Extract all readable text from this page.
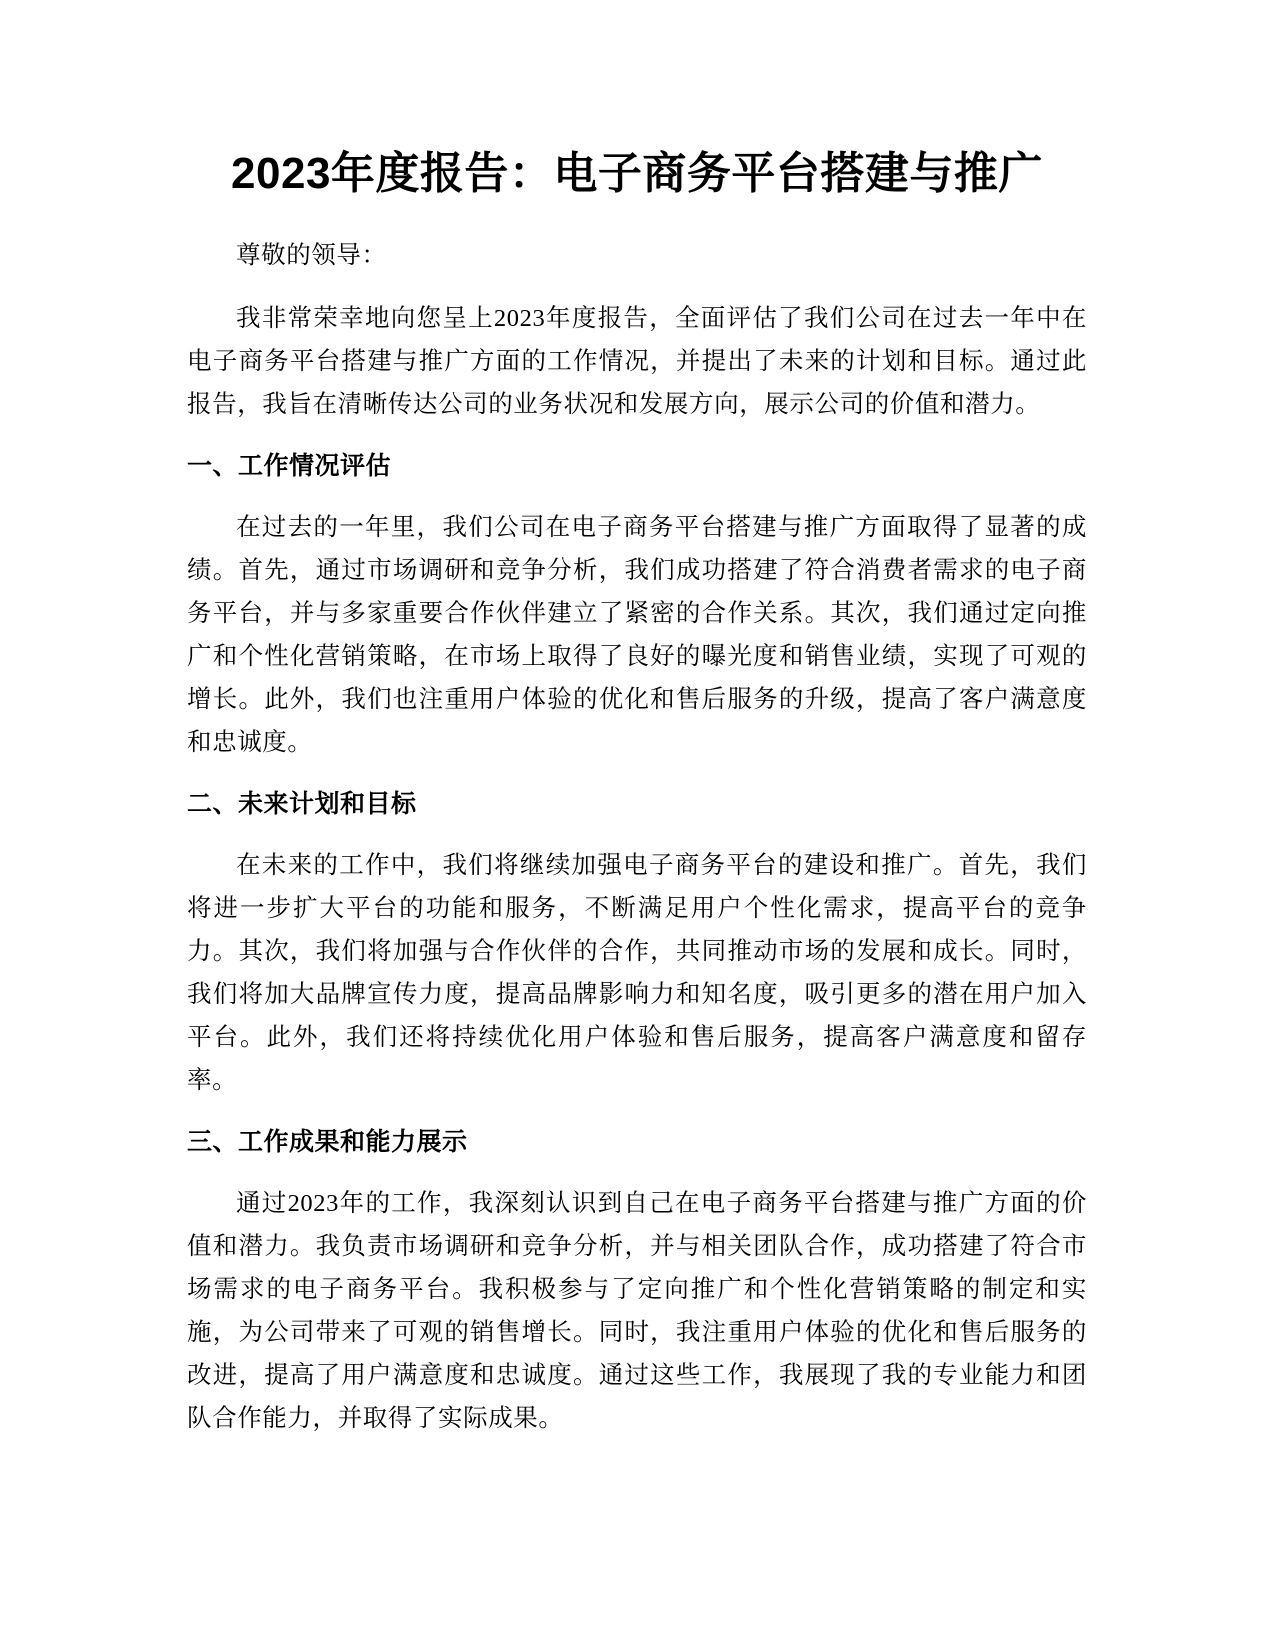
2023年度报告：电子商务平台搭建与推广

尊敬的领导：

我非常荣幸地向您呈上2023年度报告，全面评估了我们公司在过去一年中在电子商务平台搭建与推广方面的工作情况，并提出了未来的计划和目标。通过此报告，我旨在清晰传达公司的业务状况和发展方向，展示公司的价值和潜力。

一、工作情况评估

在过去的一年里，我们公司在电子商务平台搭建与推广方面取得了显著的成绩。首先，通过市场调研和竞争分析，我们成功搭建了符合消费者需求的电子商务平台，并与多家重要合作伙伴建立了紧密的合作关系。其次，我们通过定向推广和个性化营销策略，在市场上取得了良好的曝光度和销售业绩，实现了可观的增长。此外，我们也注重用户体验的优化和售后服务的升级，提高了客户满意度和忠诚度。

二、未来计划和目标

在未来的工作中，我们将继续加强电子商务平台的建设和推广。首先，我们将进一步扩大平台的功能和服务，不断满足用户个性化需求，提高平台的竞争力。其次，我们将加强与合作伙伴的合作，共同推动市场的发展和成长。同时，我们将加大品牌宣传力度，提高品牌影响力和知名度，吸引更多的潜在用户加入平台。此外，我们还将持续优化用户体验和售后服务，提高客户满意度和留存率。

三、工作成果和能力展示

通过2023年的工作，我深刻认识到自己在电子商务平台搭建与推广方面的价值和潜力。我负责市场调研和竞争分析，并与相关团队合作，成功搭建了符合市场需求的电子商务平台。我积极参与了定向推广和个性化营销策略的制定和实施，为公司带来了可观的销售增长。同时，我注重用户体验的优化和售后服务的改进，提高了用户满意度和忠诚度。通过这些工作，我展现了我的专业能力和团队合作能力，并取得了实际成果。
